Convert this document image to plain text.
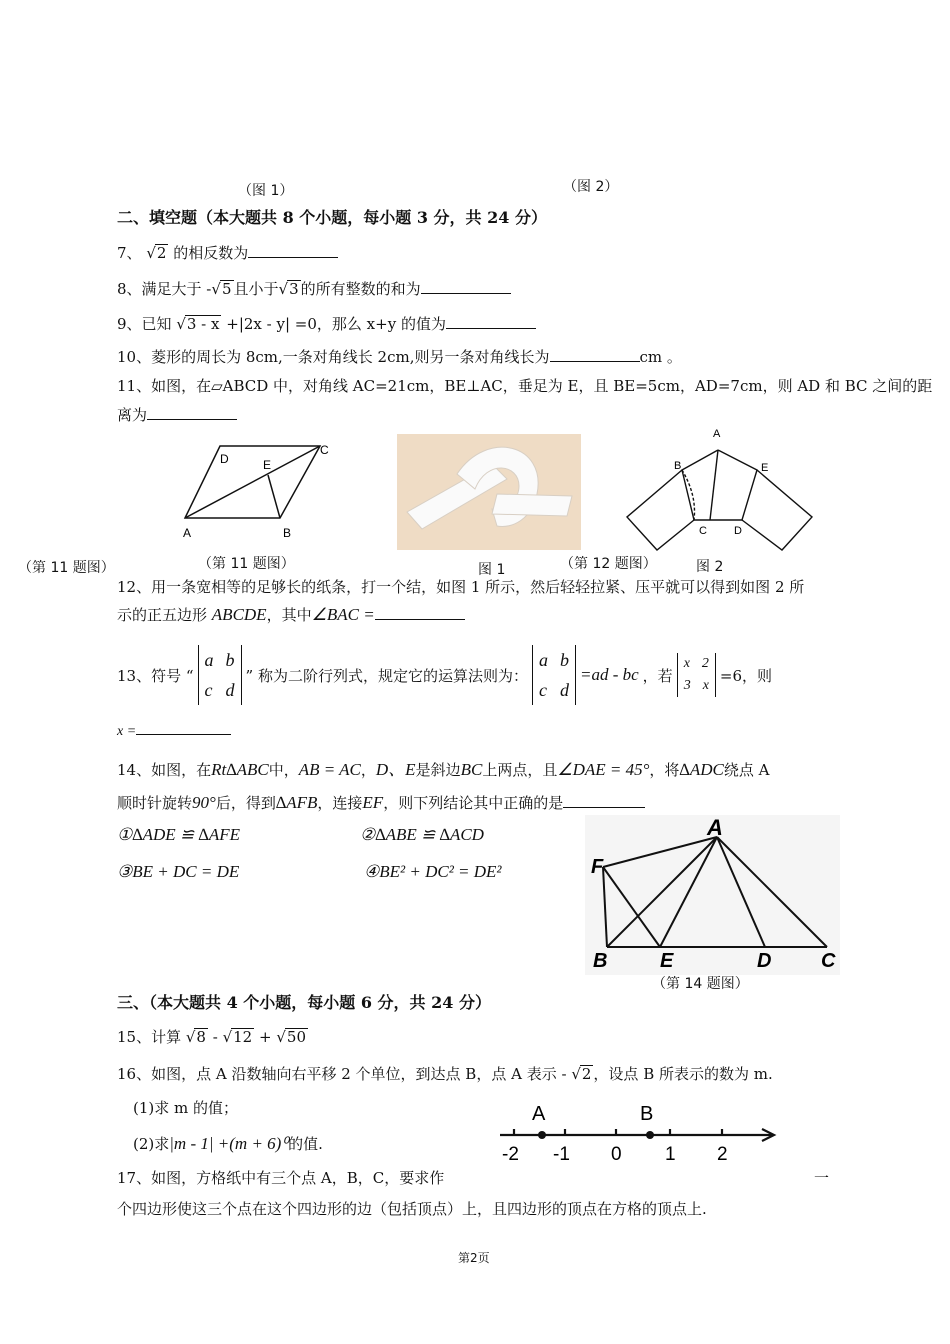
（图 1）	（图 2）
二、填空题（本大题共 8 个小题，每小题 3 分，共 24 分）
7、 √2 的相反数为
8、满足大于 -√5 且小于√3 的所有整数的和为
9、已知 √3 - x +|2x - y| =0，那么 x+y 的值为
10、菱形的周长为 8cm,一条对角线长 2cm,则另一条对角线长为	cm 。
11、如图，在▱ABCD 中，对角线 AC=21cm，BE⊥AC，垂足为 E，且 BE=5cm，AD=7cm，则 AD 和 BC 之间的距
离为
（第 11 题图）
D	E
C
A	B
（第 11 题图）	图 1	（第 12 题图）
A
B	E
C D
图 2
12、用一条宽相等的足够长的纸条，打一个结，如图 1 所示，然后轻轻拉紧、压平就可以得到如图 2 所
示的正五边形 ABCDE，其中∠BAC =
13、符号 “
a b
c d
” 称为二阶行列式，规定它的运算法则为：
a b
c d
=ad - bc ，若
x 2
3 x
=6，则
x =
14、如图，在Rt∆ABC中，AB = AC，D、E是斜边BC上两点，且∠DAE = 45°，将∆ADC绕点 A
顺时针旋转90°后，得到∆AFB，连接EF，则下列结论其中正确的是
①∆ADE ≌ ∆AFE	②∆ABE ≌ ∆ACD
③BE + DC = DE	④BE² + DC² = DE²
A
F
B	E	D C
（第 14 题图）
三、（本大题共 4 个小题，每小题 6 分，共 24 分）
15、计算 √8 - √12 + √50
16、如图，点 A 沿数轴向右平移 2 个单位，到达点 B，点 A 表示 - √2 ，设点 B 所表示的数为 m.
(1)求 m 的值；
(2)求|m - 1| +(m + 6)⁰的值.
A	B
-2 -1 0 1 2
17、如图，方格纸中有三个点 A，B，C，要求作	一
个四边形使这三个点在这个四边形的边（包括顶点）上，且四边形的顶点在方格的顶点上.
第2页
